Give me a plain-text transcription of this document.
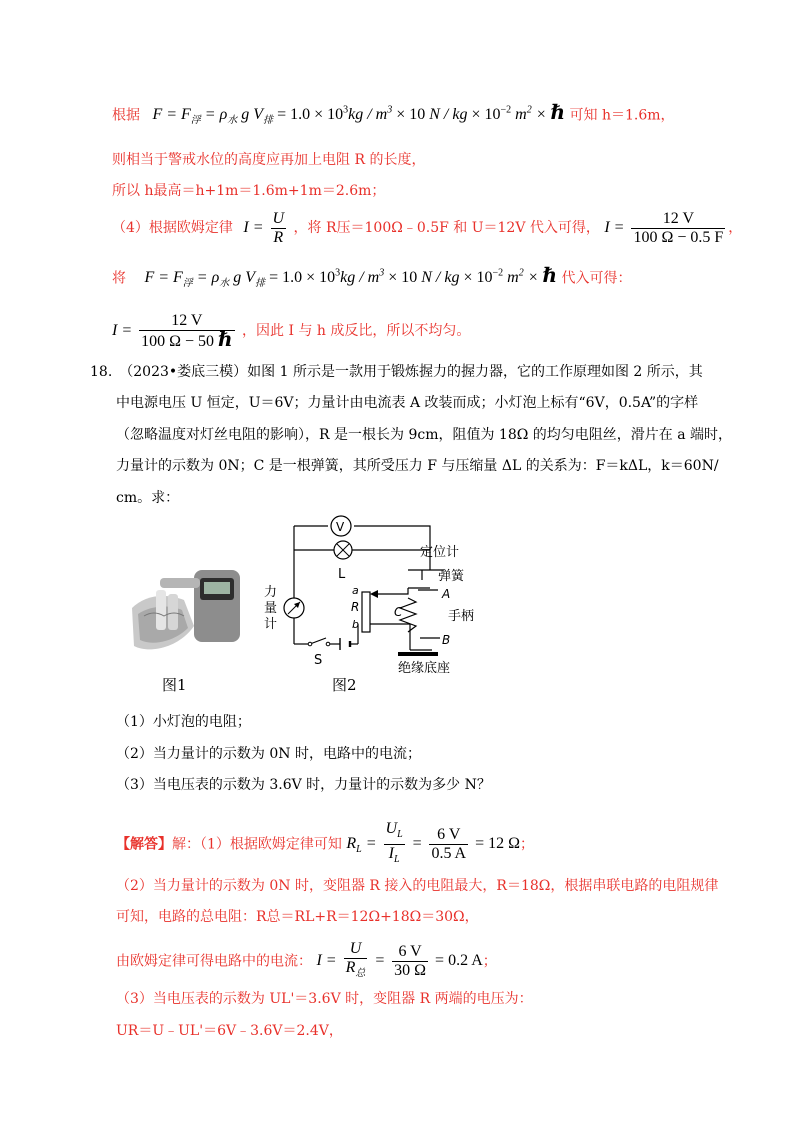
根据 $F = F_浮 = \rho_水$ g $V_排 = 1.0 \times 10^3kg / m^3 \times 10$ N / kg × $10^{-2}$ $m^2$ × ℏ 可知 h＝1.6m，
则相当于警戒水位的高度应再加上电阻 R 的长度，
所以 h最高＝h+1m＝1.6m+1m＝2.6m；
（4）根据欧姆定律 $I = \frac{U}{R}$ ，将 R压＝100Ω﹣0.5F 和 U＝12V 代入可得， $I = \frac{12 V}{100 \Omega - 0.5 F}$ ，
将 $F = F_浮 = \rho_水$ g $V_排 = 1.0 \times 10^3kg / m^3 \times 10$ N / kg × $10^{-2}$ $m^2$ × ℏ 代入可得：
$I = \frac{12 V}{\text{100 Ω − 50 ℏ}}$ ，因此 I 与 h 成反比，所以不均匀。
18.　（2023•娄底三模）如图 1 所示是一款用于锻炼握力的握力器，它的工作原理如图 2 所示，其
中电源电压 U 恒定，U＝6V；力量计由电流表 A 改装而成；小灯泡上标有“6V，0.5A”的字样
（忽略温度对灯丝电阻的影响），R 是一根长为 9cm，阻值为 18Ω 的均匀电阻丝，滑片在 a 端时，
力量计的示数为 0N；C 是一根弹簧，其所受压力 F 与压缩量 ΔL 的关系为：F＝kΔL，k＝60N/
cm。求：
图1
V
L
力
量
计
S
a
R
b
C
定位计
弹簧
A
手柄
B
绝缘底座
图2
（1）小灯泡的电阻；
（2）当力量计的示数为 0N 时，电路中的电流；
（3）当电压表的示数为 3.6V 时，力量计的示数为多少 N？
【解答】解：（1）根据欧姆定律可知 $R_L = \frac{U_L}{I_L} = \frac{6 V}{0.5 A} = 12$ Ω；
（2）当力量计的示数为 0N 时，变阻器 R 接入的电阻最大，R＝18Ω，根据串联电路的电阻规律
可知，电路的总电阻：R总＝RL+R＝12Ω+18Ω＝30Ω，
由欧姆定律可得电路中的电流： $I = \frac{U}{R_总} = \frac{6 V}{30 \Omega} = 0.2$ A；
（3）当电压表的示数为 UL'＝3.6V 时，变阻器 R 两端的电压为：
UR＝U﹣UL'＝6V﹣3.6V＝2.4V，
